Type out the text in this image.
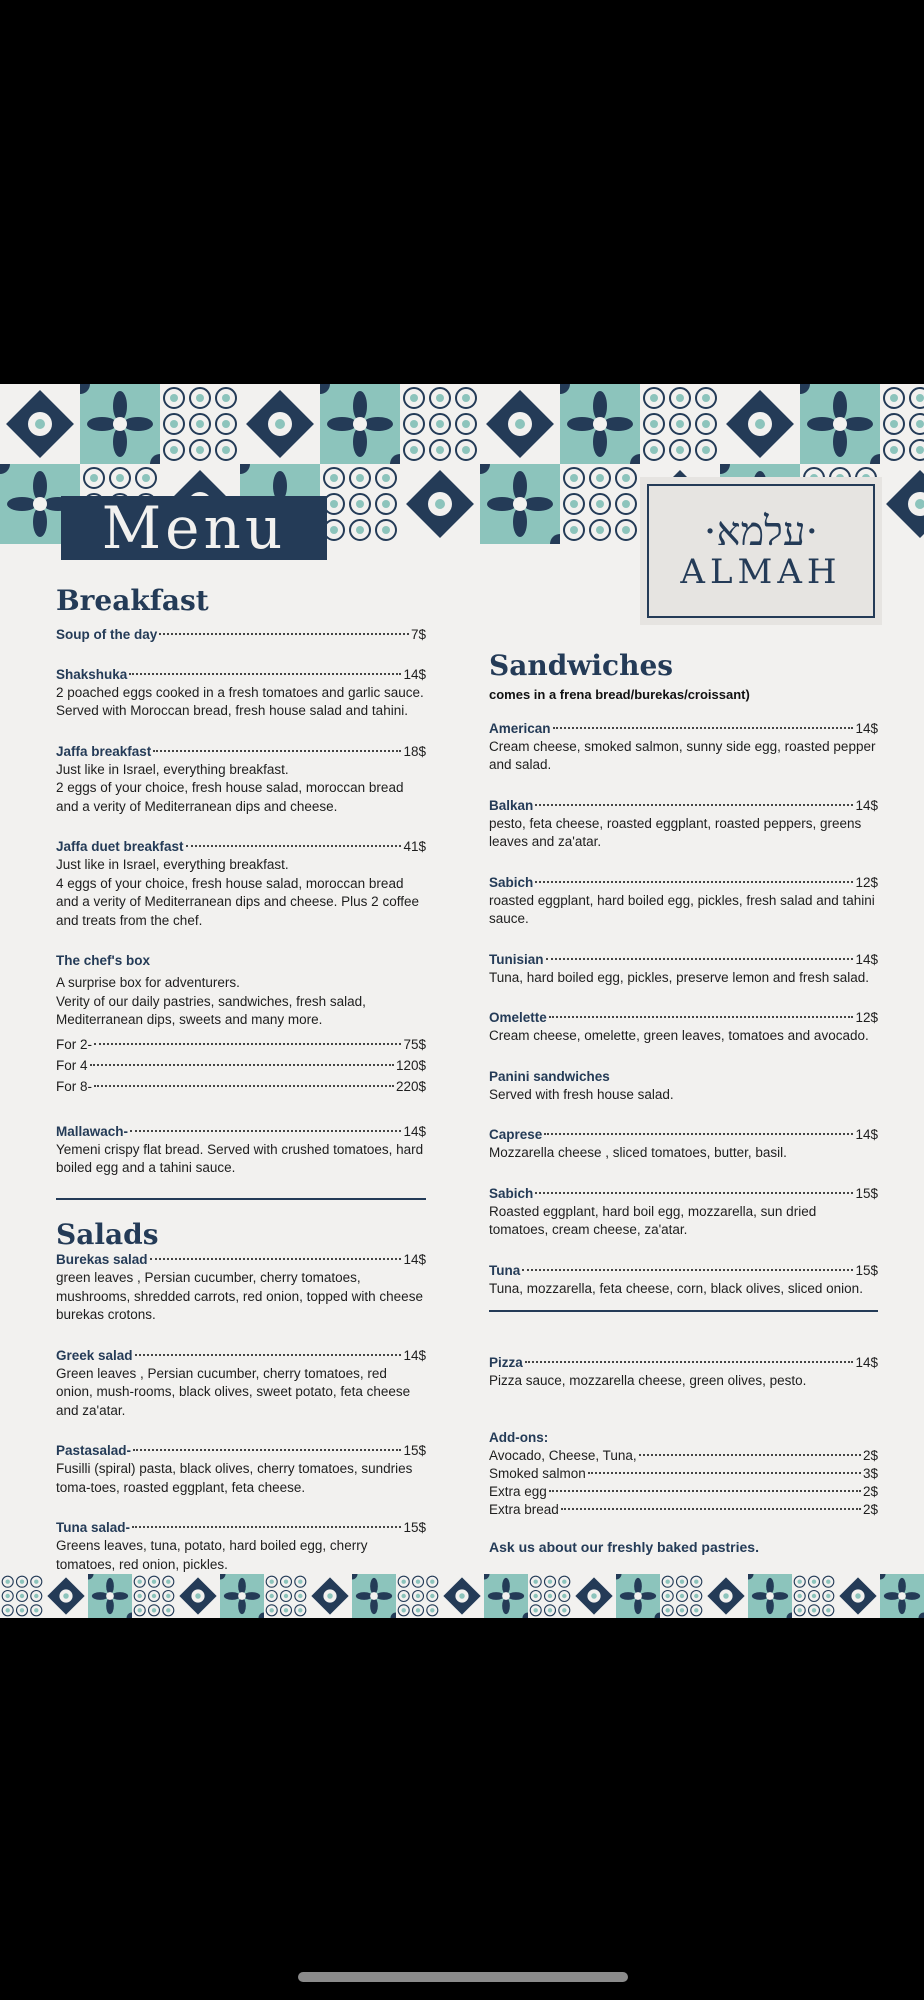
Menu	·עלמא·
ALMAH
Breakfast
Soup of the day	7$
Shakshuka	14$
2 poached eggs cooked in a fresh tomatoes and garlic sauce.
Served with Moroccan bread, fresh house salad and tahini.
Jaffa breakfast	18$
Just like in Israel, everything breakfast.
2 eggs of your choice, fresh house salad, moroccan bread and a verity of Mediterranean dips and cheese.
Jaffa duet breakfast	41$
Just like in Israel, everything breakfast.
4 eggs of your choice, fresh house salad, moroccan bread and a verity of Mediterranean dips and cheese. Plus 2 coffee and treats from the chef.
The chef's box
A surprise box for adventurers.
Verity of our daily pastries, sandwiches, fresh salad, Mediterranean dips, sweets and many more.
For 2-	75$
For 4	120$
For 8-	220$
Mallawach-	14$
Yemeni crispy flat bread. Served with crushed tomatoes, hard boiled egg and a tahini sauce.
Salads
Burekas salad	14$
green leaves , Persian cucumber, cherry tomatoes, mushrooms, shredded carrots, red onion, topped with cheese burekas crotons.
Greek salad	14$
Green leaves , Persian cucumber, cherry tomatoes, red onion, mush-rooms, black olives, sweet potato, feta cheese and za'atar.
Pastasalad-	15$
Fusilli (spiral) pasta, black olives, cherry tomatoes, sundries toma-toes, roasted eggplant, feta cheese.
Tuna salad-	15$
Greens leaves, tuna, potato, hard boiled egg, cherry tomatoes, red onion, pickles.
Sandwiches
comes in a frena bread/burekas/croissant)
American	14$
Cream cheese, smoked salmon, sunny side egg, roasted pepper and salad.
Balkan	14$
pesto, feta cheese, roasted eggplant, roasted peppers, greens leaves and za'atar.
Sabich	12$
roasted eggplant, hard boiled egg, pickles, fresh salad and tahini sauce.
Tunisian	14$
Tuna, hard boiled egg, pickles, preserve lemon and fresh salad.
Omelette	12$
Cream cheese, omelette, green leaves, tomatoes and avocado.
Panini sandwiches
Served with fresh house salad.
Caprese	14$
Mozzarella cheese , sliced tomatoes, butter, basil.
Sabich	15$
Roasted eggplant, hard boil egg, mozzarella, sun dried tomatoes, cream cheese, za'atar.
Tuna	15$
Tuna, mozzarella, feta cheese, corn, black olives, sliced onion.
Pizza	14$
Pizza sauce, mozzarella cheese, green olives, pesto.
Add-ons:
Avocado, Cheese, Tuna,	2$
Smoked salmon	3$
Extra egg	2$
Extra bread	2$
Ask us about our freshly baked pastries.
